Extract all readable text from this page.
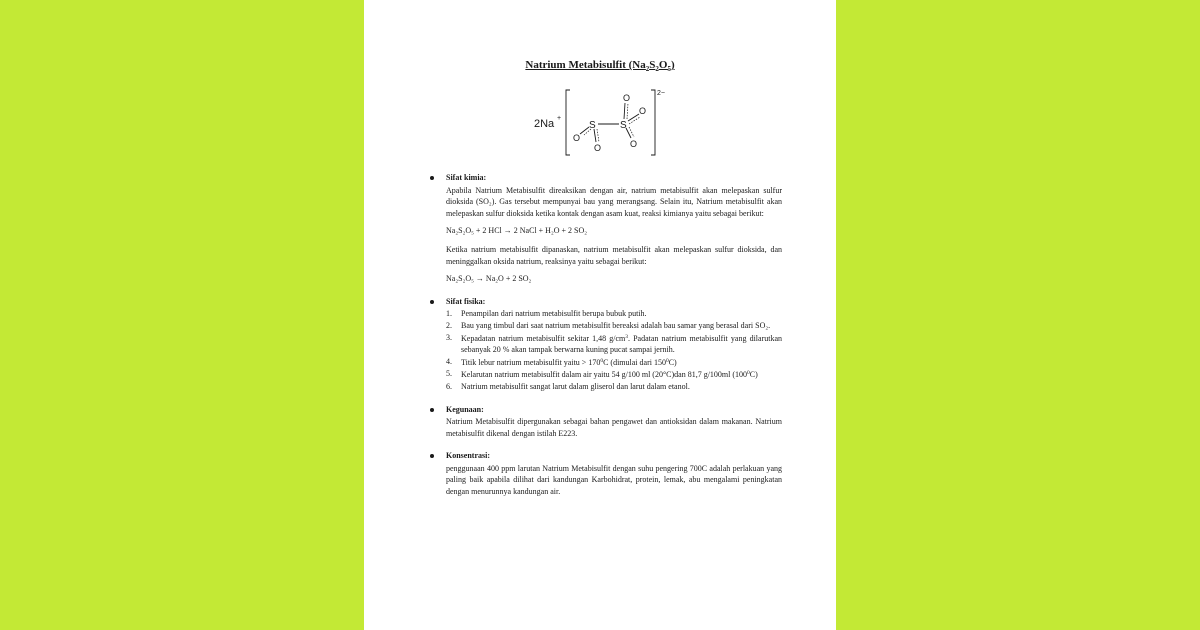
Natrium Metabisulfit $(Na_2S_2O_5)$
2Na +
2−
S S
O
O
O
O
O
Sifat kimia:
Apabila Natrium Metabisulfit direaksikan dengan air, natrium metabisulfit akan melepaskan sulfur dioksida (SO₂). Gas tersebut mempunyai bau yang merangsang. Selain itu, Natrium metabisulfit akan melepaskan sulfur dioksida ketika kontak dengan asam kuat, reaksi kimianya yaitu sebagai berikut:
Na₂S₂O₅ + 2 HCl → 2 NaCl + H₂O + 2 SO₂
Ketika natrium metabisulfit dipanaskan, natrium metabisulfit akan melepaskan sulfur dioksida, dan meninggalkan oksida natrium, reaksinya yaitu sebagai berikut:
Na₂S₂O₅ → Na₂O + 2 SO₂
Sifat fisika:
1. Penampilan dari natrium metabisulfit berupa bubuk putih.
2. Bau yang timbul dari saat natrium metabisulfit bereaksi adalah bau samar yang berasal dari SO₂.
3. Kepadatan natrium metabisulfit sekitar 1,48 $g/cm^3$. Padatan natrium metabisulfit yang dilarutkan sebanyak 20 % akan tampak berwarna kuning pucat sampai jernih.
4. Titik lebur natrium metabisulfit yaitu > $170^0C$ (dimulai dari $150^0C$)
5. Kelarutan natrium metabisulfit dalam air yaitu 54 g/100 ml (20°C)dan 81,7 g/100ml $(100^0C)$
6. Natrium metabisulfit sangat larut dalam gliserol dan larut dalam etanol.
Kegunaan:
Natrium Metabisulfit dipergunakan sebagai bahan pengawet dan antioksidan dalam makanan. Natrium metabisulfit dikenal dengan istilah E223.
Konsentrasi:
penggunaan 400 ppm larutan Natrium Metabisulfit dengan suhu pengering 700C adalah perlakuan yang paling baik apabila dilihat dari kandungan Karbohidrat, protein, lemak, abu mengalami peningkatan dengan menurunnya kandungan air.
